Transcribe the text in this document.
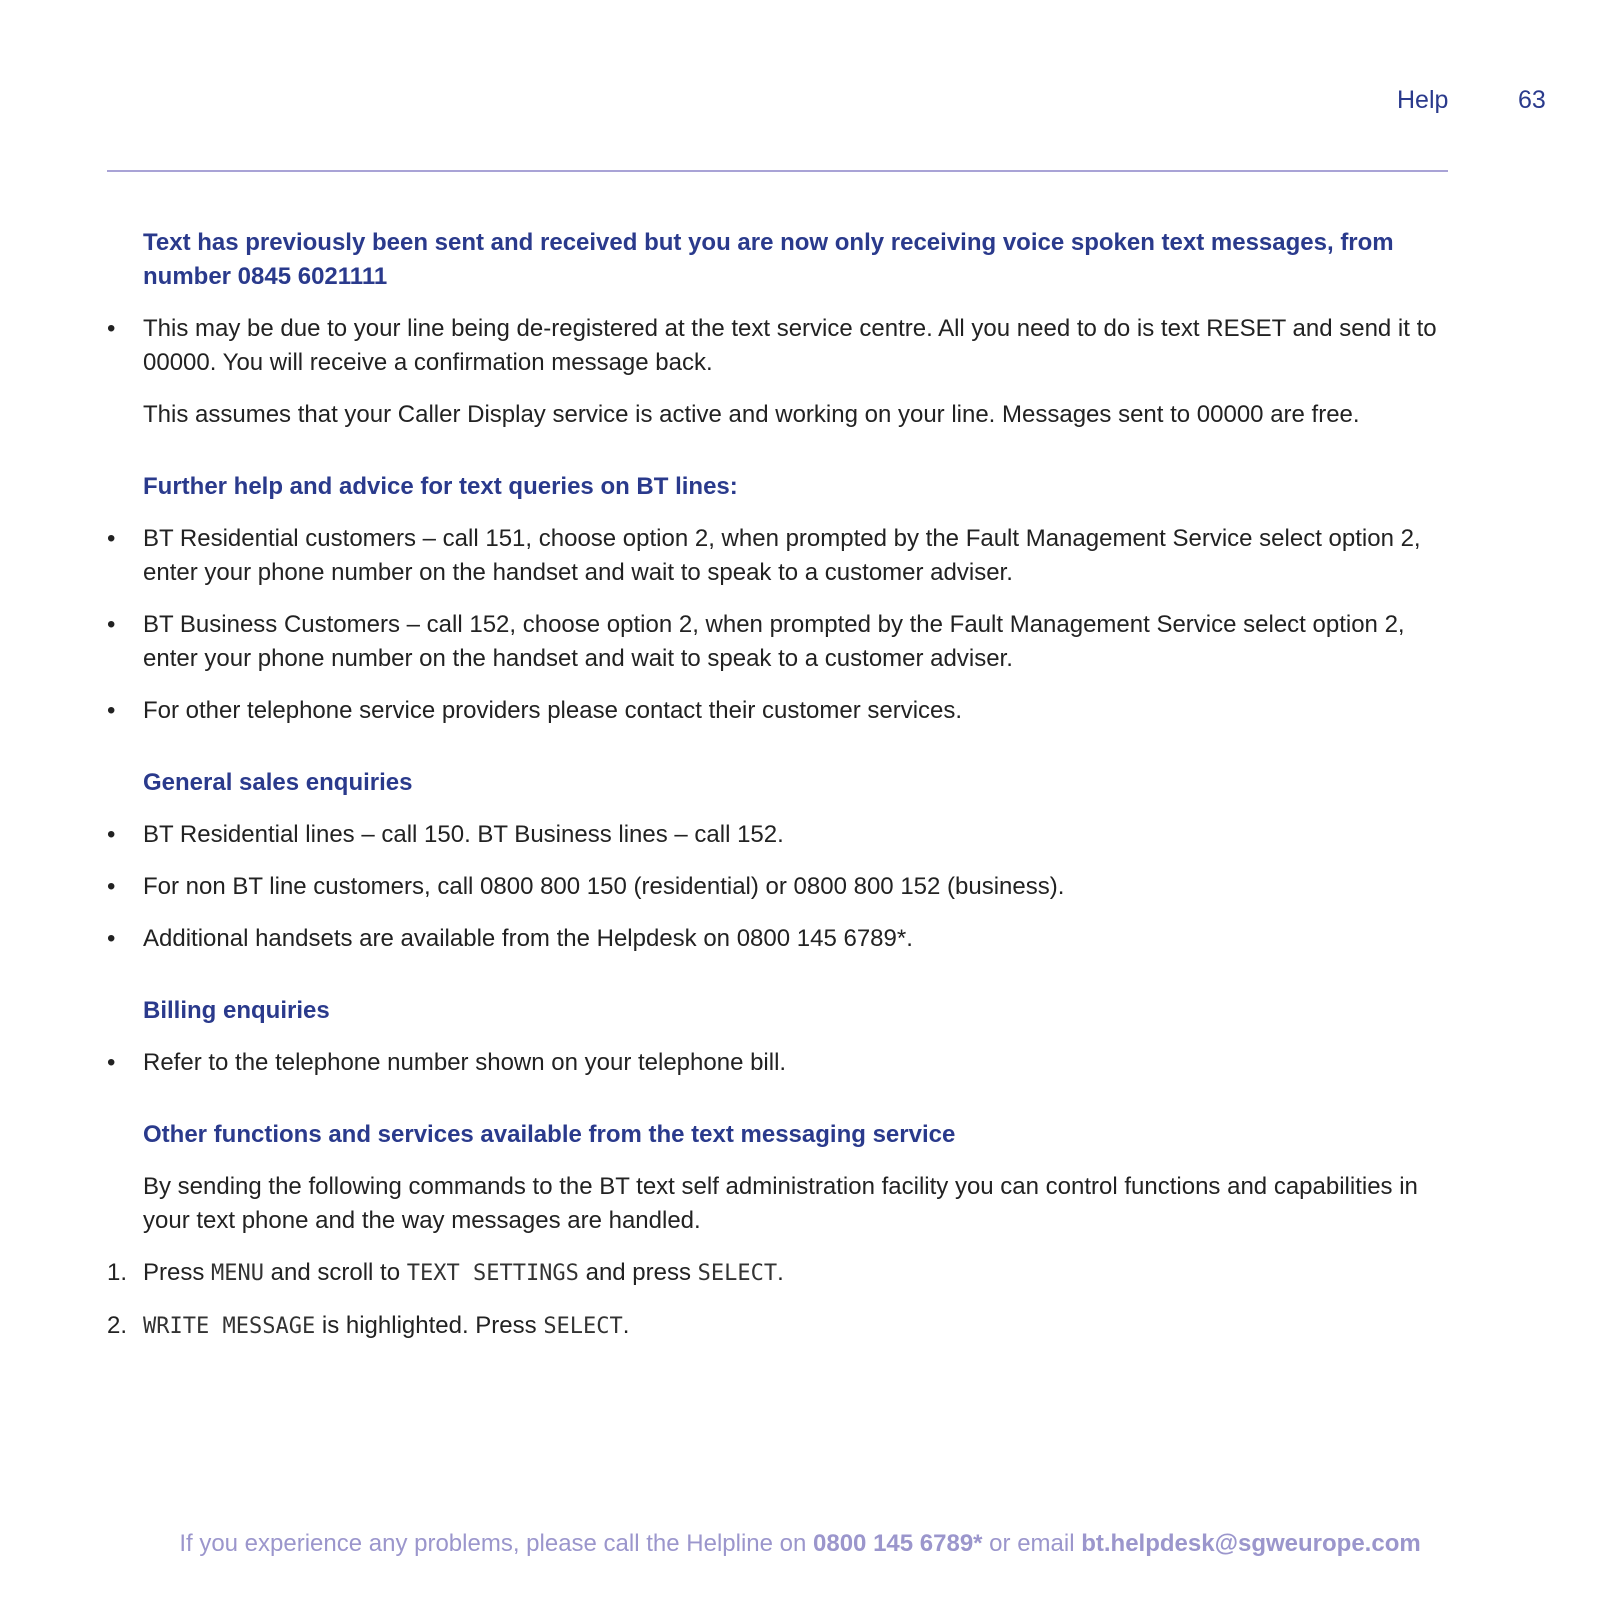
Help	63
Text has previously been sent and received but you are now only receiving voice spoken text messages, from number 0845 6021111
•	This may be due to your line being de-registered at the text service centre. All you need to do is text RESET and send it to 00000. You will receive a confirmation message back.
This assumes that your Caller Display service is active and working on your line. Messages sent to 00000 are free.
Further help and advice for text queries on BT lines:
•	BT Residential customers – call 151, choose option 2, when prompted by the Fault Management Service select option 2, enter your phone number on the handset and wait to speak to a customer adviser.
•	BT Business Customers – call 152, choose option 2, when prompted by the Fault Management Service select option 2, enter your phone number on the handset and wait to speak to a customer adviser.
•	For other telephone service providers please contact their customer services.
General sales enquiries
•	BT Residential lines – call 150. BT Business lines – call 152.
•	For non BT line customers, call 0800 800 150 (residential) or 0800 800 152 (business).
•	Additional handsets are available from the Helpdesk on 0800 145 6789*.
Billing enquiries
•	Refer to the telephone number shown on your telephone bill.
Other functions and services available from the text messaging service
By sending the following commands to the BT text self administration facility you can control functions and capabilities in your text phone and the way messages are handled.
1. Press MENU and scroll to TEXT SETTINGS and press SELECT.
2. WRITE MESSAGE is highlighted. Press SELECT.
If you experience any problems, please call the Helpline on 0800 145 6789* or email bt.helpdesk@sgweurope.com
